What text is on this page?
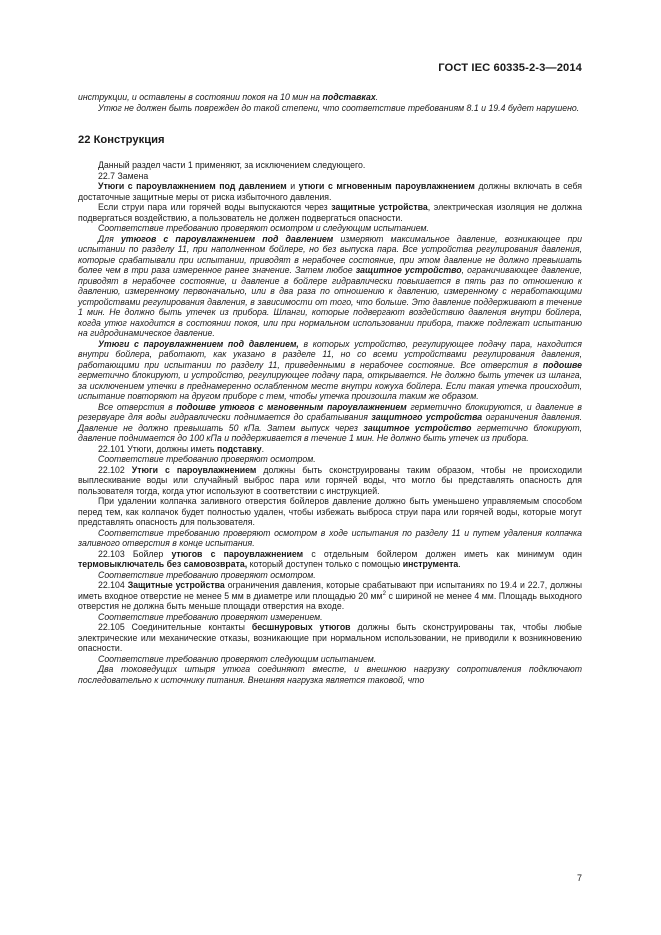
ГОСТ IEC 60335-2-3—2014

инструкции, и оставлены в состоянии покоя на 10 мин на подставках.

Утюг не должен быть поврежден до такой степени, что соответствие требованиям 8.1 и 19.4 будет нарушено.

22 Конструкция

Данный раздел части 1 применяют, за исключением следующего.

22.7 Замена

Утюги с пароувлажнением под давлением и утюги с мгновенным пароувлажнением должны включать в себя достаточные защитные меры от риска избыточного давления.

Если струи пара или горячей воды выпускаются через защитные устройства, электрическая изоляция не должна подвергаться воздействию, а пользователь не должен подвергаться опасности.

Соответствие требованию проверяют осмотром и следующим испытанием.

Для утюгов с пароувлажнением под давлением измеряют максимальное давление, возникающее при испытании по разделу 11, при наполненном бойлере, но без выпуска пара. Все устройства регулирования давления, которые срабатывали при испытании, приводят в нерабочее состояние, при этом давление не должно превышать более чем в три раза измеренное ранее значение. Затем любое защитное устройство, ограничивающее давление, приводят в нерабочее состояние, и давление в бойлере гидравлически повышается в пять раз по отношению к давлению, измеренному первоначально, или в два раза по отношению к давлению, измеренному с неработающими устройствами регулирования давления, в зависимости от того, что больше. Это давление поддерживают в течение 1 мин. Не должно быть утечек из прибора. Шланги, которые подвергают воздействию давления внутри бойлера, когда утюг находится в состоянии покоя, или при нормальном использовании прибора, также подлежат испытанию на гидродинамическое давление.

Утюги с пароувлажнением под давлением, в которых устройство, регулирующее подачу пара, находится внутри бойлера, работают, как указано в разделе 11, но со всеми устройствами регулирования давления, работающими при испытании по разделу 11, приведенными в нерабочее состояние. Все отверстия в подошве герметично блокируют, и устройство, регулирующее подачу пара, открывается. Не должно быть утечек из шланга, за исключением утечки в преднамеренно ослабленном месте внутри кожуха бойлера. Если такая утечка происходит, испытание повторяют на другом приборе с тем, чтобы утечка произошла таким же образом.

Все отверстия в подошве утюгов с мгновенным пароувлажнением герметично блокируются, и давление в резервуаре для воды гидравлически поднимается до срабатывания защитного устройства ограничения давления. Давление не должно превышать 50 кПа. Затем выпуск через защитное устройство герметично блокируют, давление поднимается до 100 кПа и поддерживается в течение 1 мин. Не должно быть утечек из прибора.

22.101 Утюги, должны иметь подставку.

Соответствие требованию проверяют осмотром.

22.102 Утюги с пароувлажнением должны быть сконструированы таким образом, чтобы не происходили выплескивание воды или случайный выброс пара или горячей воды, что могло бы представлять опасность для пользователя тогда, когда утюг используют в соответствии с инструкцией.

При удалении колпачка заливного отверстия бойлеров давление должно быть уменьшено управляемым способом перед тем, как колпачок будет полностью удален, чтобы избежать выброса струи пара или горячей воды, которые могут представлять опасность для пользователя.

Соответствие требованию проверяют осмотром в ходе испытания по разделу 11 и путем удаления колпачка заливного отверстия в конце испытания.

22.103 Бойлер утюгов с пароувлажнением с отдельным бойлером должен иметь как минимум один термовыключатель без самовозврата, который доступен только с помощью инструмента.

Соответствие требованию проверяют осмотром.

22.104 Защитные устройства ограничения давления, которые срабатывают при испытаниях по 19.4 и 22.7, должны иметь входное отверстие не менее 5 мм в диаметре или площадью 20 $мм^2$ с шириной не менее 4 мм. Площадь выходного отверстия не должна быть меньше площади отверстия на входе.

Соответствие требованию проверяют измерением.

22.105 Соединительные контакты бесшнуровых утюгов должны быть сконструированы так, чтобы любые электрические или механические отказы, возникающие при нормальном использовании, не приводили к возникновению опасности.

Соответствие требованию проверяют следующим испытанием.

Два токоведущих штыря утюга соединяют вместе, и внешнюю нагрузку сопротивления подключают последовательно к источнику питания. Внешняя нагрузка является таковой, что

7
